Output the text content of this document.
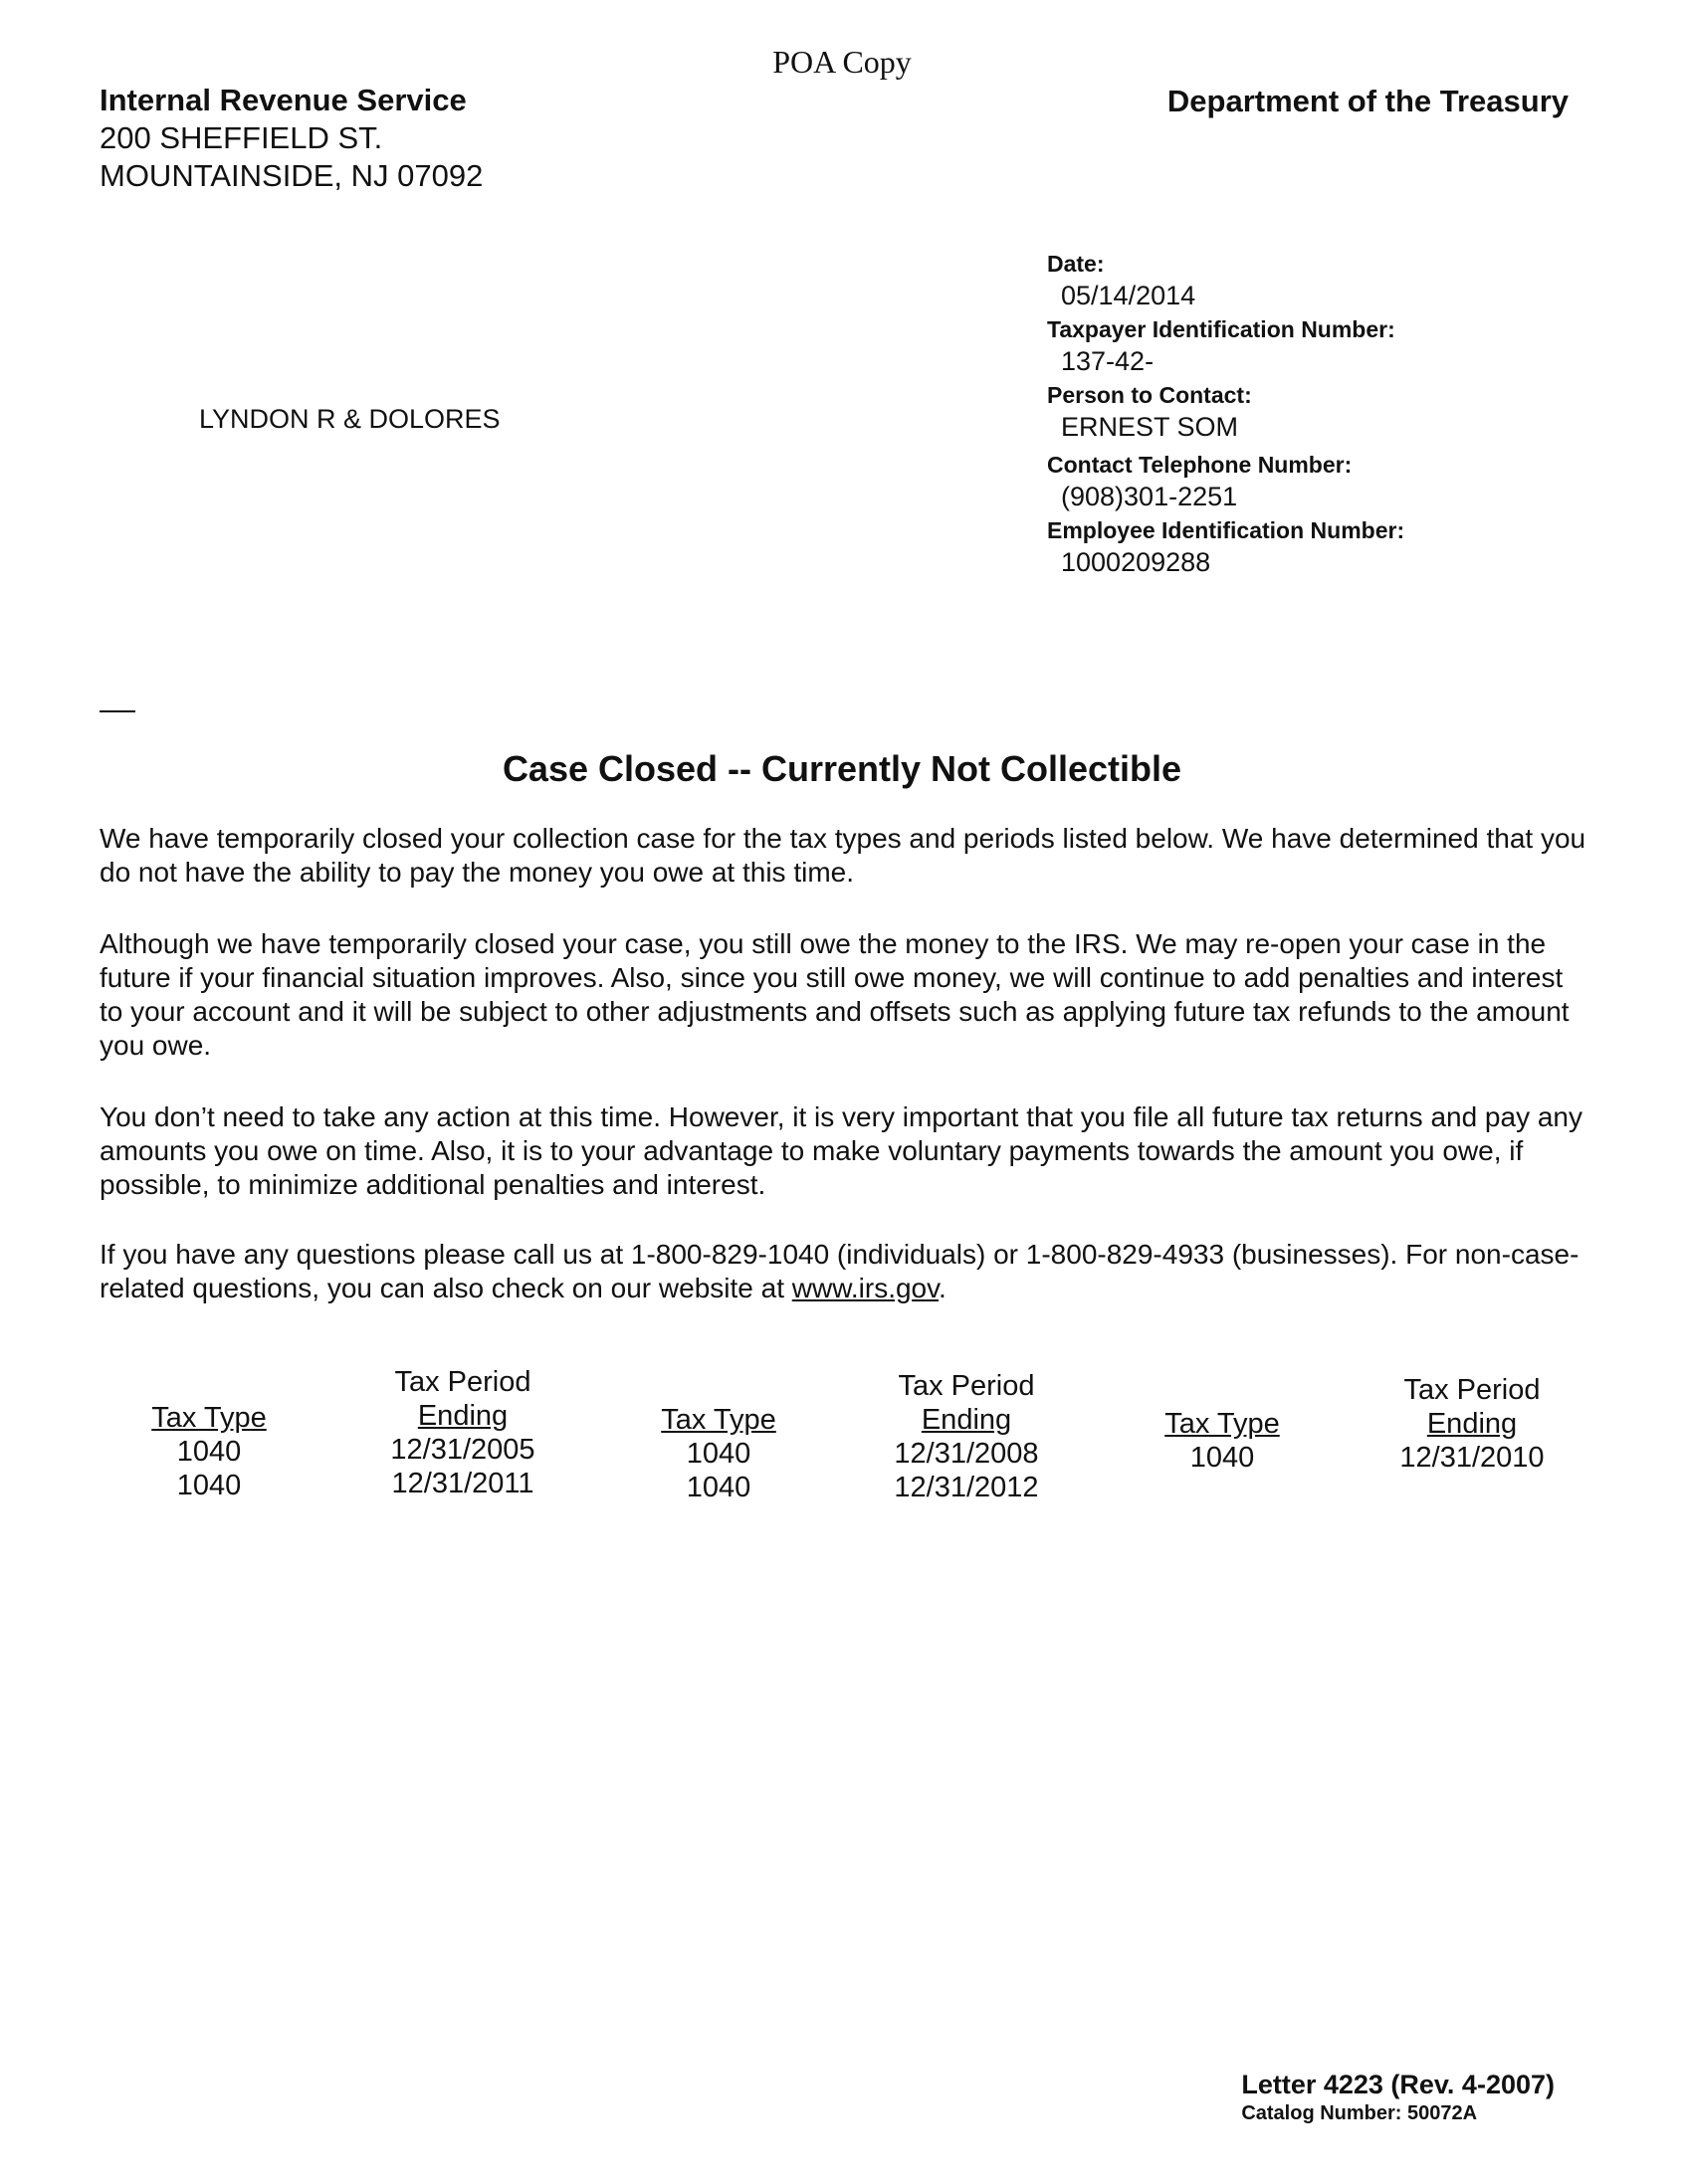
POA Copy
Internal Revenue Service
200 SHEFFIELD ST.
MOUNTAINSIDE, NJ 07092
Department of the Treasury
Date:
05/14/2014
Taxpayer Identification Number:
137-42-
Person to Contact:
ERNEST SOM
Contact Telephone Number:
(908)301-2251
Employee Identification Number:
1000209288
LYNDON R & DOLORES
Case Closed -- Currently Not Collectible
We have temporarily closed your collection case for the tax types and periods listed below. We have determined that you do not have the ability to pay the money you owe at this time.
Although we have temporarily closed your case, you still owe the money to the IRS. We may re-open your case in the future if your financial situation improves. Also, since you still owe money, we will continue to add penalties and interest to your account and it will be subject to other adjustments and offsets such as applying future tax refunds to the amount you owe.
You don’t need to take any action at this time. However, it is very important that you file all future tax returns and pay any amounts you owe on time. Also, it is to your advantage to make voluntary payments towards the amount you owe, if possible, to minimize additional penalties and interest.
If you have any questions please call us at 1-800-829-1040 (individuals) or 1-800-829-4933 (businesses). For non-case-related questions, you can also check on our website at www.irs.gov.
Tax Type
1040
1040
Tax Period
Ending
12/31/2005
12/31/2011
Tax Type
1040
1040
Tax Period
Ending
12/31/2008
12/31/2012
Tax Type
1040
Tax Period
Ending
12/31/2010
Letter 4223 (Rev. 4-2007)
Catalog Number: 50072A
